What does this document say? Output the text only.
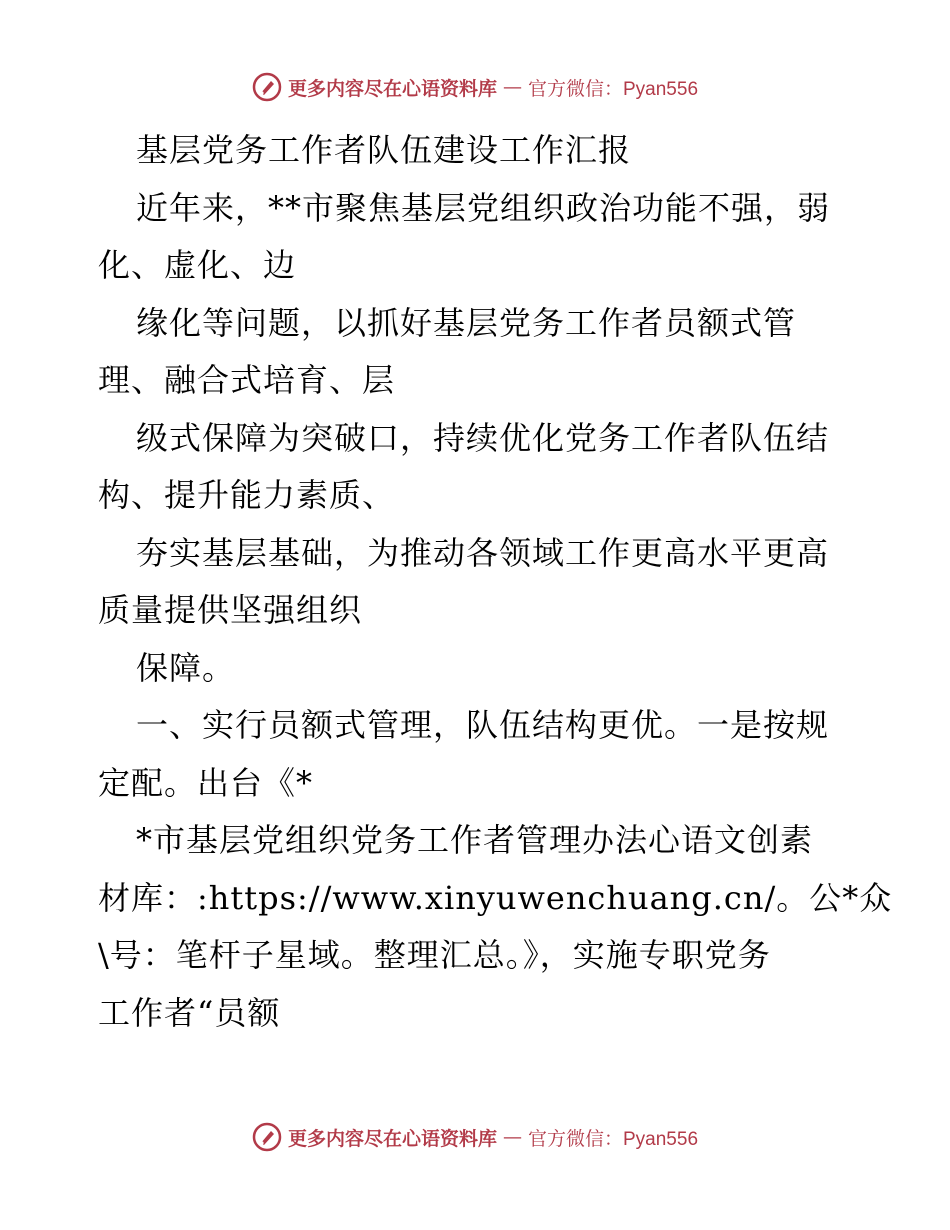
更多内容尽在心语资料库 — 官方微信：Pyan556
基层党务工作者队伍建设工作汇报
近年来，**市聚焦基层党组织政治功能不强，弱
化、虚化、边
缘化等问题，以抓好基层党务工作者员额式管
理、融合式培育、层
级式保障为突破口，持续优化党务工作者队伍结
构、提升能力素质、
夯实基层基础，为推动各领域工作更高水平更高
质量提供坚强组织
保障。
一、实行员额式管理，队伍结构更优。一是按规
定配。出台《*
*市基层党组织党务工作者管理办法心语文创素
材库：:https://www.xinyuwenchuang.cn/。公*众
\号：笔杆子星域。整理汇总。》，实施专职党务
工作者“员额
更多内容尽在心语资料库 — 官方微信：Pyan556
